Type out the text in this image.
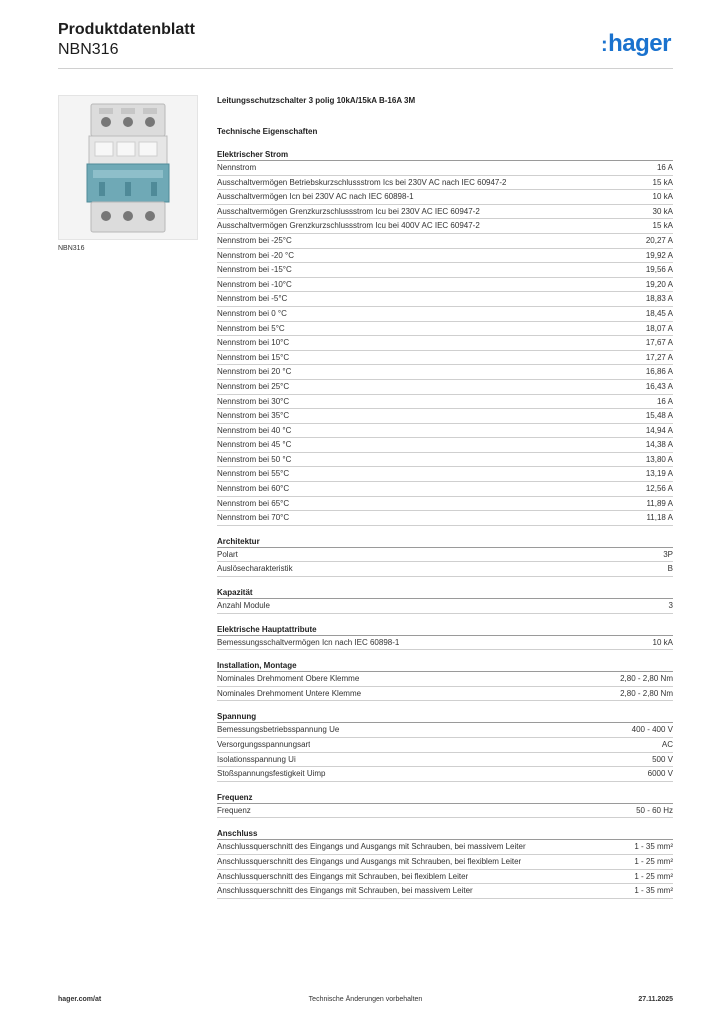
Produktdatenblatt
NBN316	:hager
NBN316
Leitungsschutzschalter 3 polig 10kA/15kA B-16A 3M
Technische Eigenschaften
Elektrischer Strom
Nennstrom	16 A
Ausschaltvermögen Betriebskurzschlussstrom Ics bei 230V AC nach IEC 60947-2	15 kA
Ausschaltvermögen Icn bei 230V AC nach IEC 60898-1	10 kA
Ausschaltvermögen Grenzkurzschlussstrom Icu bei 230V AC IEC 60947-2	30 kA
Ausschaltvermögen Grenzkurzschlussstrom Icu bei 400V AC IEC 60947-2	15 kA
Nennstrom bei -25°C	20,27 A
Nennstrom bei -20 °C	19,92 A
Nennstrom bei -15°C	19,56 A
Nennstrom bei -10°C	19,20 A
Nennstrom bei -5°C	18,83 A
Nennstrom bei 0 °C	18,45 A
Nennstrom bei 5°C	18,07 A
Nennstrom bei 10°C	17,67 A
Nennstrom bei 15°C	17,27 A
Nennstrom bei 20 °C	16,86 A
Nennstrom bei 25°C	16,43 A
Nennstrom bei 30°C	16 A
Nennstrom bei 35°C	15,48 A
Nennstrom bei 40 °C	14,94 A
Nennstrom bei 45 °C	14,38 A
Nennstrom bei 50 °C	13,80 A
Nennstrom bei 55°C	13,19 A
Nennstrom bei 60°C	12,56 A
Nennstrom bei 65°C	11,89 A
Nennstrom bei 70°C	11,18 A
Architektur
Polart	3P
Auslösecharakteristik	B
Kapazität
Anzahl Module	3
Elektrische Hauptattribute
Bemessungsschaltvermögen Icn nach IEC 60898-1	10 kA
Installation, Montage
Nominales Drehmoment Obere Klemme	2,80 - 2,80 Nm
Nominales Drehmoment Untere Klemme	2,80 - 2,80 Nm
Spannung
Bemessungsbetriebsspannung Ue	400 - 400 V
Versorgungsspannungsart	AC
Isolationsspannung Ui	500 V
Stoßspannungsfestigkeit Uimp	6000 V
Frequenz
Frequenz	50 - 60 Hz
Anschluss
Anschlussquerschnitt des Eingangs und Ausgangs mit Schrauben, bei massivem Leiter	1 - 35 mm²
Anschlussquerschnitt des Eingangs und Ausgangs mit Schrauben, bei flexiblem Leiter	1 - 25 mm²
Anschlussquerschnitt des Eingangs mit Schrauben, bei flexiblem Leiter	1 - 25 mm²
Anschlussquerschnitt des Eingangs mit Schrauben, bei massivem Leiter	1 - 35 mm²
hager.com/at	Technische Änderungen vorbehalten	27.11.2025
